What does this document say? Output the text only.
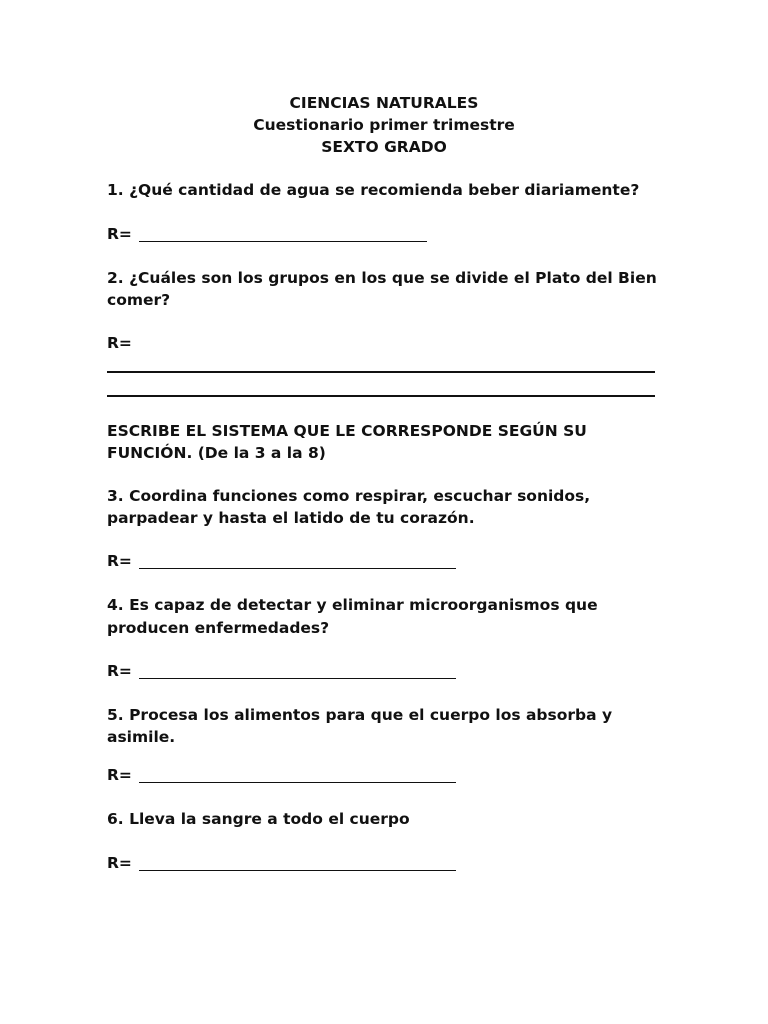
CIENCIAS NATURALES
Cuestionario primer trimestre
SEXTO GRADO
1. ¿Qué cantidad de agua se recomienda beber diariamente?
R=
2. ¿Cuáles son los grupos en los que se divide el Plato del Bien
comer?
R=
ESCRIBE EL SISTEMA QUE LE CORRESPONDE SEGÚN SU
FUNCIÓN. (De la 3 a la 8)
3. Coordina funciones como respirar, escuchar sonidos,
parpadear y hasta el latido de tu corazón.
R=
4. Es capaz de detectar y eliminar microorganismos que
producen enfermedades?
R=
5. Procesa los alimentos para que el cuerpo los absorba y
asimile.
R=
6. Lleva la sangre a todo el cuerpo
R=
